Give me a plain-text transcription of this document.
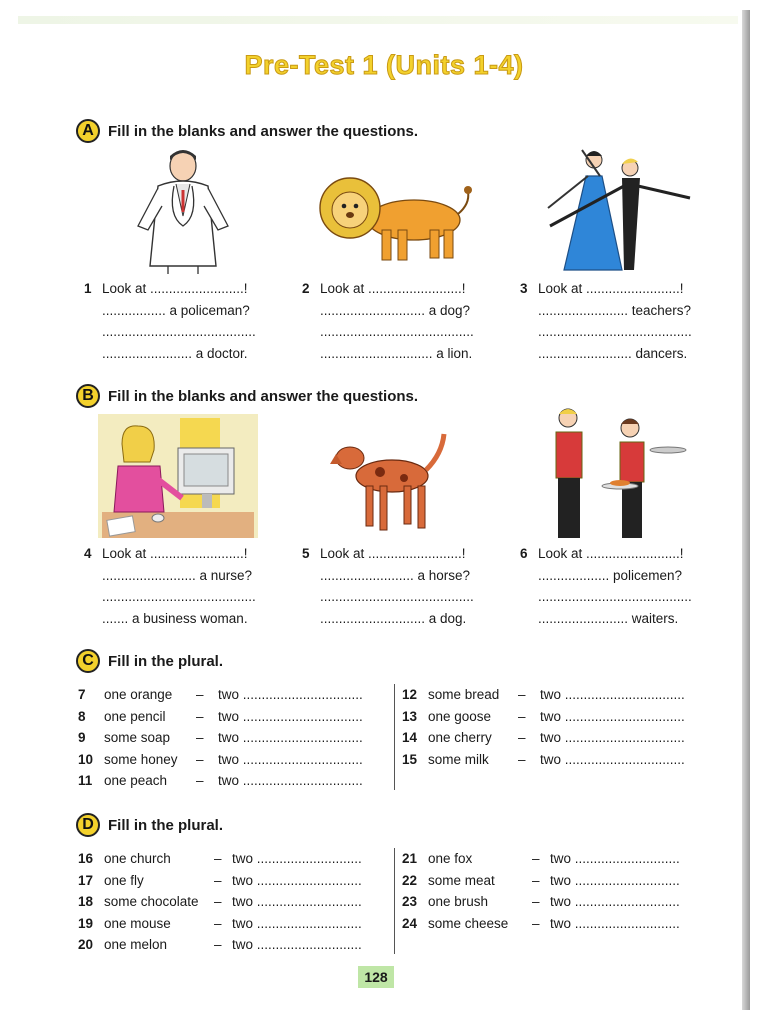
Pre-Test 1 (Units 1-4)
A Fill in the blanks and answer the questions.
1 Look at .........................!
................. a policeman?
.........................................
........................ a doctor.
2 Look at .........................!
............................ a dog?
.........................................
.............................. a lion.
3 Look at .........................!
........................ teachers?
.........................................
......................... dancers.
B Fill in the blanks and answer the questions.
4 Look at .........................!
......................... a nurse?
.........................................
....... a business woman.
5 Look at .........................!
......................... a horse?
.........................................
............................ a dog.
6 Look at .........................!
................... policemen?
.........................................
........................ waiters.
C Fill in the plural.
7	one orange	–	two ................................
8	one pencil	–	two ................................
9	some soap	–	two ................................
10 some honey	–	two ................................
11 one peach	–	two ................................
12 some bread	–	two ................................
13 one goose	–	two ................................
14 one cherry	–	two ................................
15 some milk	–	two ................................
D Fill in the plural.
16 one church	– two ............................
17 one fly	– two ............................
18 some chocolate	– two ............................
19 one mouse	– two ............................
20 one melon	– two ............................
21 one fox	– two ............................
22 some meat	– two ............................
23 one brush	– two ............................
24 some cheese	– two ............................
128
